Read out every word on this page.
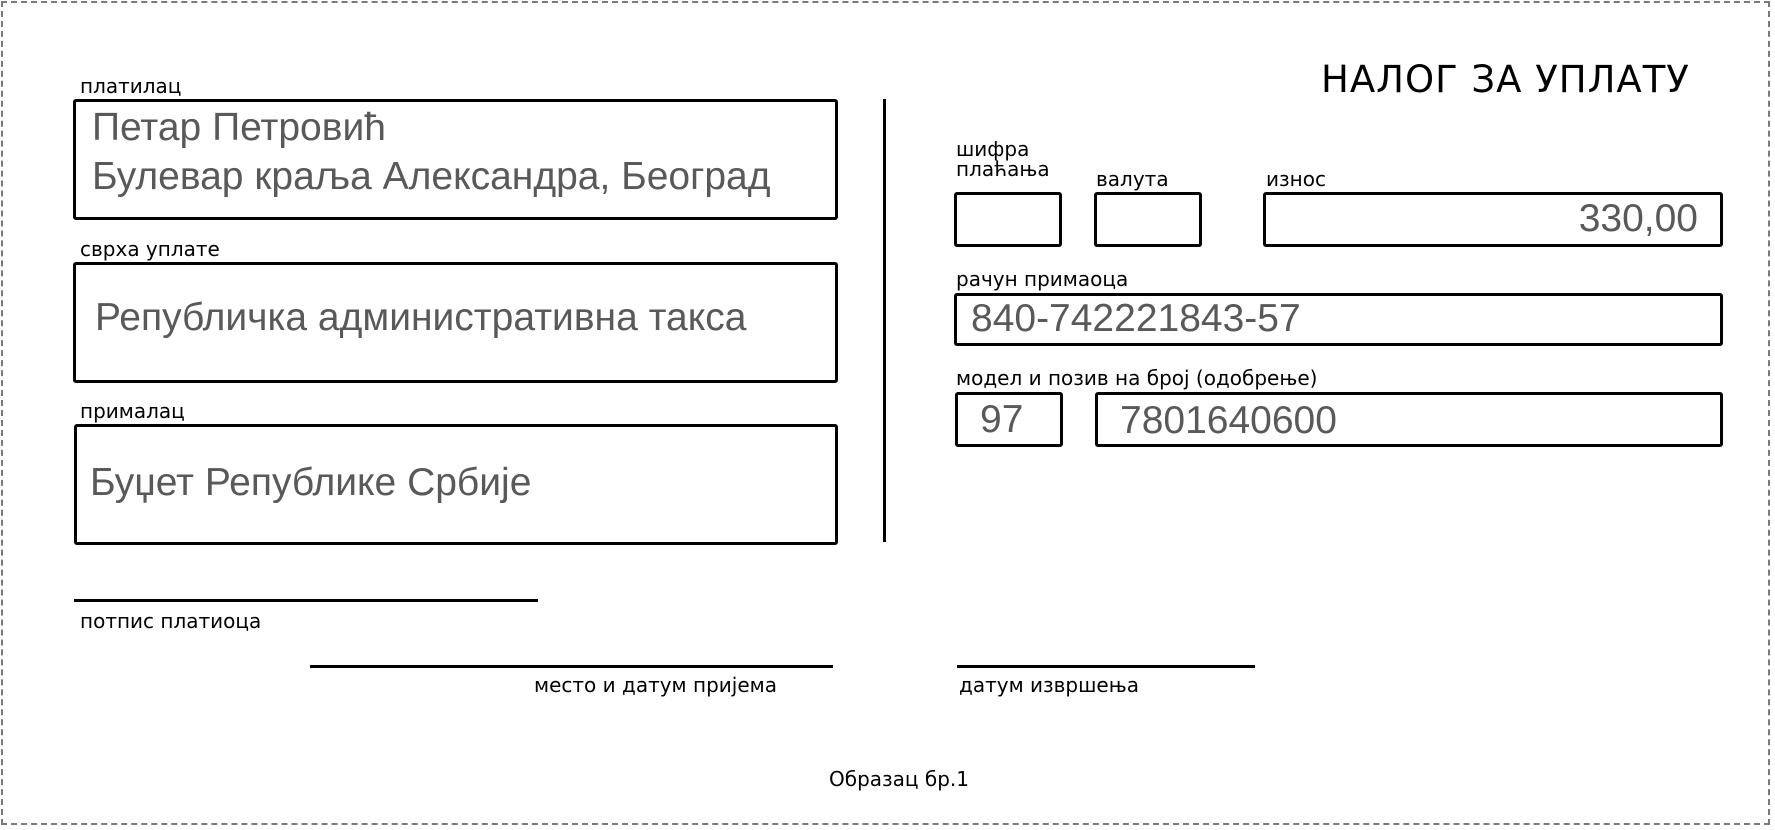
НАЛОГ ЗА УПЛАТУ
платилац
Петар Петровић
Булевар краља Александра, Београд
сврха уплате
Републичка административна такса
прималац
Буџет Републике Србије
шифра
плаћања валута	износ
330,00
рачун примаоца
840-742221843-57
модел и позив на број (одобрење)
97 7801640600
потпис платиоца
место и датум пријема	датум извршења
Образац бр.1
